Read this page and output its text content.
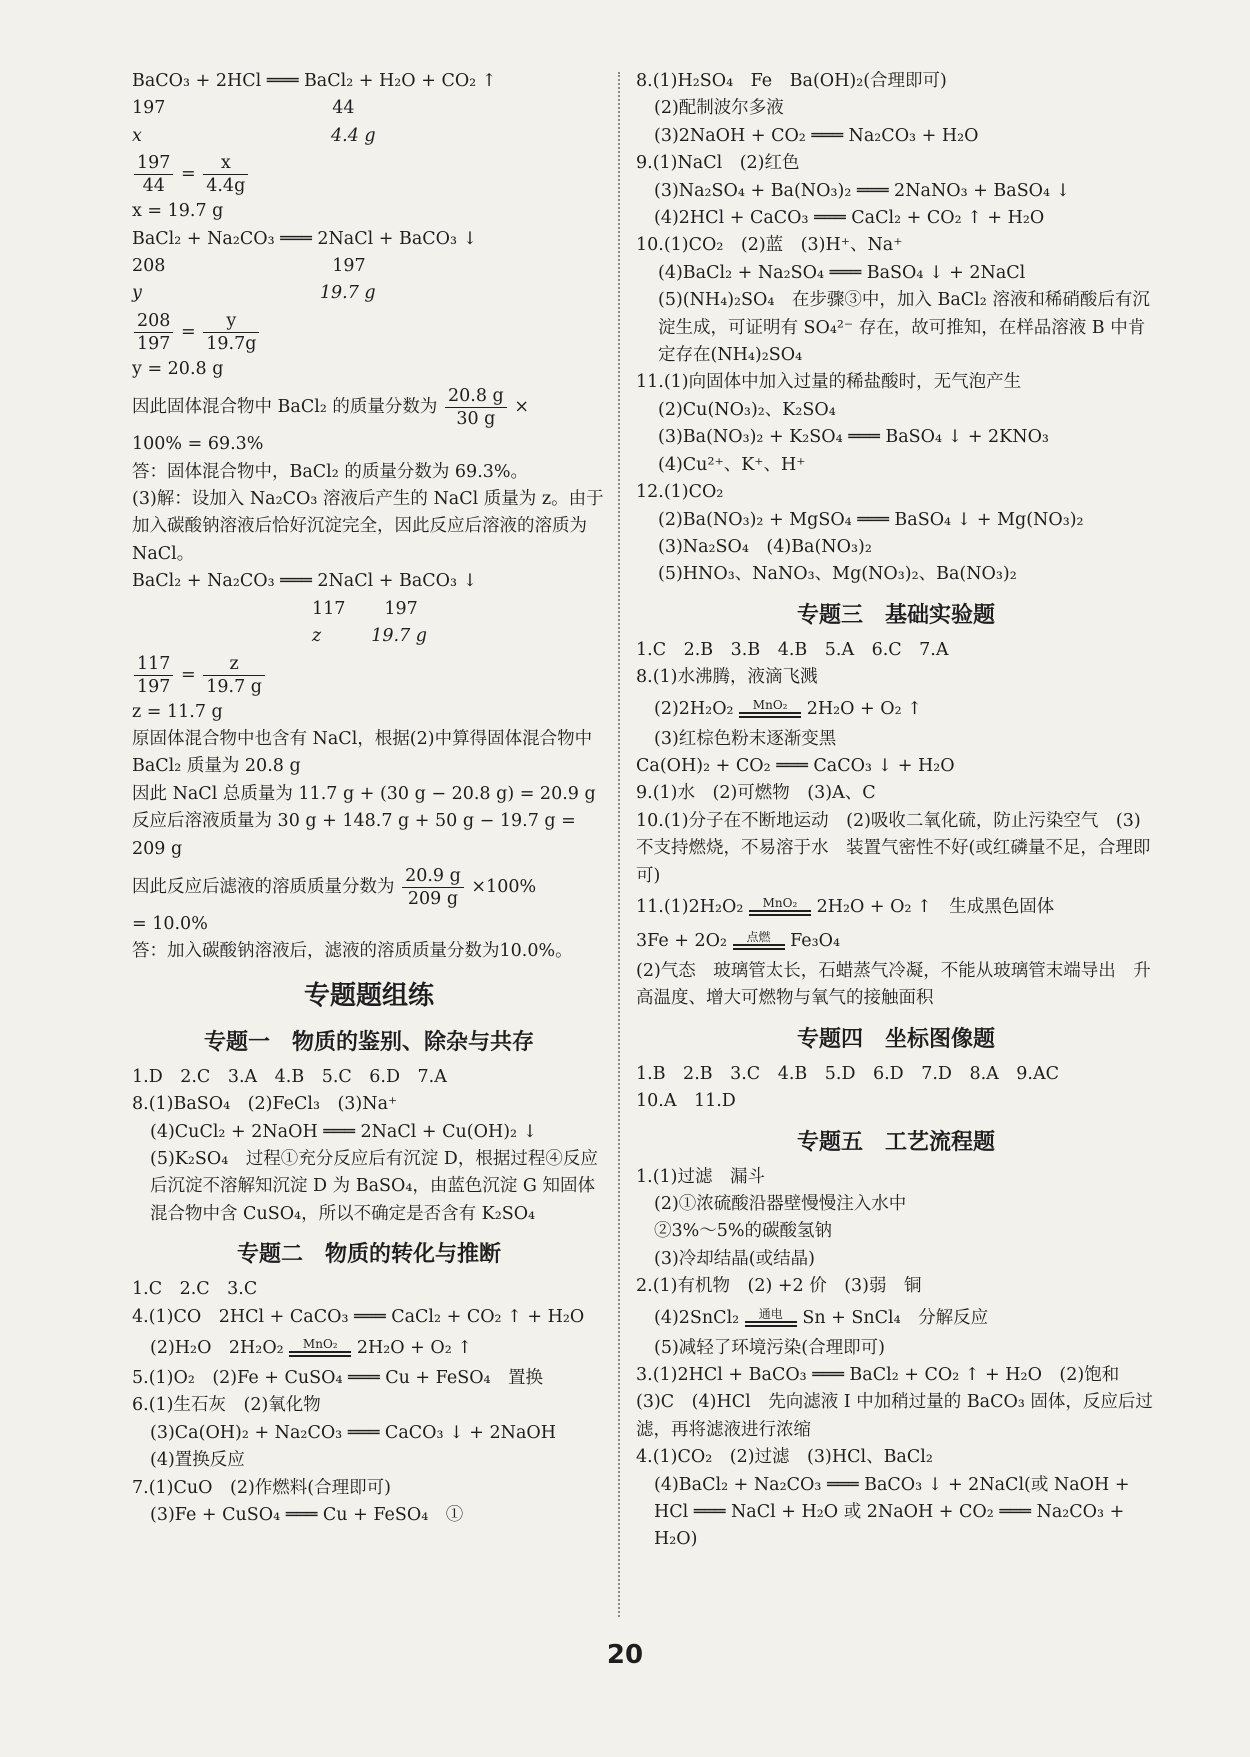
BaCO₃ + 2HCl ═══ BaCl₂ + H₂O + CO₂ ↑
197                              44
x                                  4.4 g
$\frac{197}{44} = \frac{x}{4.4g}$
x = 19.7 g
BaCl₂ + Na₂CO₃ ═══ 2NaCl + BaCO₃ ↓
208                              197
y                                19.7 g
$\frac{208}{197} = \frac{y}{19.7g}$
y = 20.8 g
因此固体混合物中 BaCl₂ 的质量分数为 $\frac{20.8 g}{30 g}$ ×
100% = 69.3%
答：固体混合物中，BaCl₂ 的质量分数为 69.3%。
(3)解：设加入 Na₂CO₃ 溶液后产生的 NaCl 质量为 z。由于加入碳酸钠溶液后恰好沉淀完全，因此反应后溶液的溶质为 NaCl。
BaCl₂ + Na₂CO₃ ═══ 2NaCl + BaCO₃ ↓
117       197
z         19.7 g
$\frac{117}{197} = \frac{z}{19.7 g}$
z = 11.7 g
原固体混合物中也含有 NaCl，根据(2)中算得固体混合物中 BaCl₂ 质量为 20.8 g
因此 NaCl 总质量为 11.7 g + (30 g − 20.8 g) = 20.9 g
反应后溶液质量为 30 g + 148.7 g + 50 g − 19.7 g = 209 g
因此反应后滤液的溶质质量分数为 $\frac{20.9 g}{209 g} \times 100\%$
= 10.0%
答：加入碳酸钠溶液后，滤液的溶质质量分数为10.0%。
专题题组练
专题一　物质的鉴别、除杂与共存
1.D　2.C　3.A　4.B　5.C　6.D　7.A
8.(1)BaSO₄　(2)FeCl₃　(3)Na⁺
(4)CuCl₂ + 2NaOH ═══ 2NaCl + Cu(OH)₂ ↓
(5)K₂SO₄　过程①充分反应后有沉淀 D，根据过程④反应后沉淀不溶解知沉淀 D 为 BaSO₄，由蓝色沉淀 G 知固体混合物中含 CuSO₄，所以不确定是否含有 K₂SO₄
专题二　物质的转化与推断
1.C　2.C　3.C
4.(1)CO　2HCl + CaCO₃ ═══ CaCl₂ + CO₂ ↑ + H₂O
(2)H₂O　2H₂O₂	MnO₂	2H₂O + O₂ ↑
5.(1)O₂　(2)Fe + CuSO₄ ═══ Cu + FeSO₄　置换
6.(1)生石灰　(2)氧化物
(3)Ca(OH)₂ + Na₂CO₃ ═══ CaCO₃ ↓ + 2NaOH
(4)置换反应
7.(1)CuO　(2)作燃料(合理即可)
(3)Fe + CuSO₄ ═══ Cu + FeSO₄　①
8.(1)H₂SO₄　Fe　Ba(OH)₂(合理即可)
(2)配制波尔多液
(3)2NaOH + CO₂ ═══ Na₂CO₃ + H₂O
9.(1)NaCl　(2)红色
(3)Na₂SO₄ + Ba(NO₃)₂ ═══ 2NaNO₃ + BaSO₄ ↓
(4)2HCl + CaCO₃ ═══ CaCl₂ + CO₂ ↑ + H₂O
10.(1)CO₂　(2)蓝　(3)H⁺、Na⁺
(4)BaCl₂ + Na₂SO₄ ═══ BaSO₄ ↓ + 2NaCl
(5)(NH₄)₂SO₄　在步骤③中，加入 BaCl₂ 溶液和稀硝酸后有沉淀生成，可证明有 SO₄²⁻ 存在，故可推知，在样品溶液 B 中肯定存在(NH₄)₂SO₄
11.(1)向固体中加入过量的稀盐酸时，无气泡产生
(2)Cu(NO₃)₂、K₂SO₄
(3)Ba(NO₃)₂ + K₂SO₄ ═══ BaSO₄ ↓ + 2KNO₃
(4)Cu²⁺、K⁺、H⁺
12.(1)CO₂
(2)Ba(NO₃)₂ + MgSO₄ ═══ BaSO₄ ↓ + Mg(NO₃)₂
(3)Na₂SO₄　(4)Ba(NO₃)₂
(5)HNO₃、NaNO₃、Mg(NO₃)₂、Ba(NO₃)₂
专题三　基础实验题
1.C　2.B　3.B　4.B　5.A　6.C　7.A
8.(1)水沸腾，液滴飞溅
(2)2H₂O₂	MnO₂	2H₂O + O₂ ↑
(3)红棕色粉末逐渐变黑
Ca(OH)₂ + CO₂ ═══ CaCO₃ ↓ + H₂O
9.(1)水　(2)可燃物　(3)A、C
10.(1)分子在不断地运动　(2)吸收二氧化硫，防止污染空气　(3)不支持燃烧，不易溶于水　装置气密性不好(或红磷量不足，合理即可)
11.(1)2H₂O₂	MnO₂	2H₂O + O₂ ↑　生成黑色固体
3Fe + 2O₂	点燃	Fe₃O₄
(2)气态　玻璃管太长，石蜡蒸气冷凝，不能从玻璃管末端导出　升高温度、增大可燃物与氧气的接触面积
专题四　坐标图像题
1.B　2.B　3.C　4.B　5.D　6.D　7.D　8.A　9.AC
10.A　11.D
专题五　工艺流程题
1.(1)过滤　漏斗
(2)①浓硫酸沿器壁慢慢注入水中
②3%～5%的碳酸氢钠
(3)冷却结晶(或结晶)
2.(1)有机物　(2) +2 价　(3)弱　铜
(4)2SnCl₂	通电	Sn + SnCl₄　分解反应
(5)减轻了环境污染(合理即可)
3.(1)2HCl + BaCO₃ ═══ BaCl₂ + CO₂ ↑ + H₂O　(2)饱和　(3)C　(4)HCl　先向滤液 I 中加稍过量的 BaCO₃ 固体，反应后过滤，再将滤液进行浓缩
4.(1)CO₂　(2)过滤　(3)HCl、BaCl₂
(4)BaCl₂ + Na₂CO₃ ═══ BaCO₃ ↓ + 2NaCl(或 NaOH + HCl ═══ NaCl + H₂O 或 2NaOH + CO₂ ═══ Na₂CO₃ + H₂O)
20
